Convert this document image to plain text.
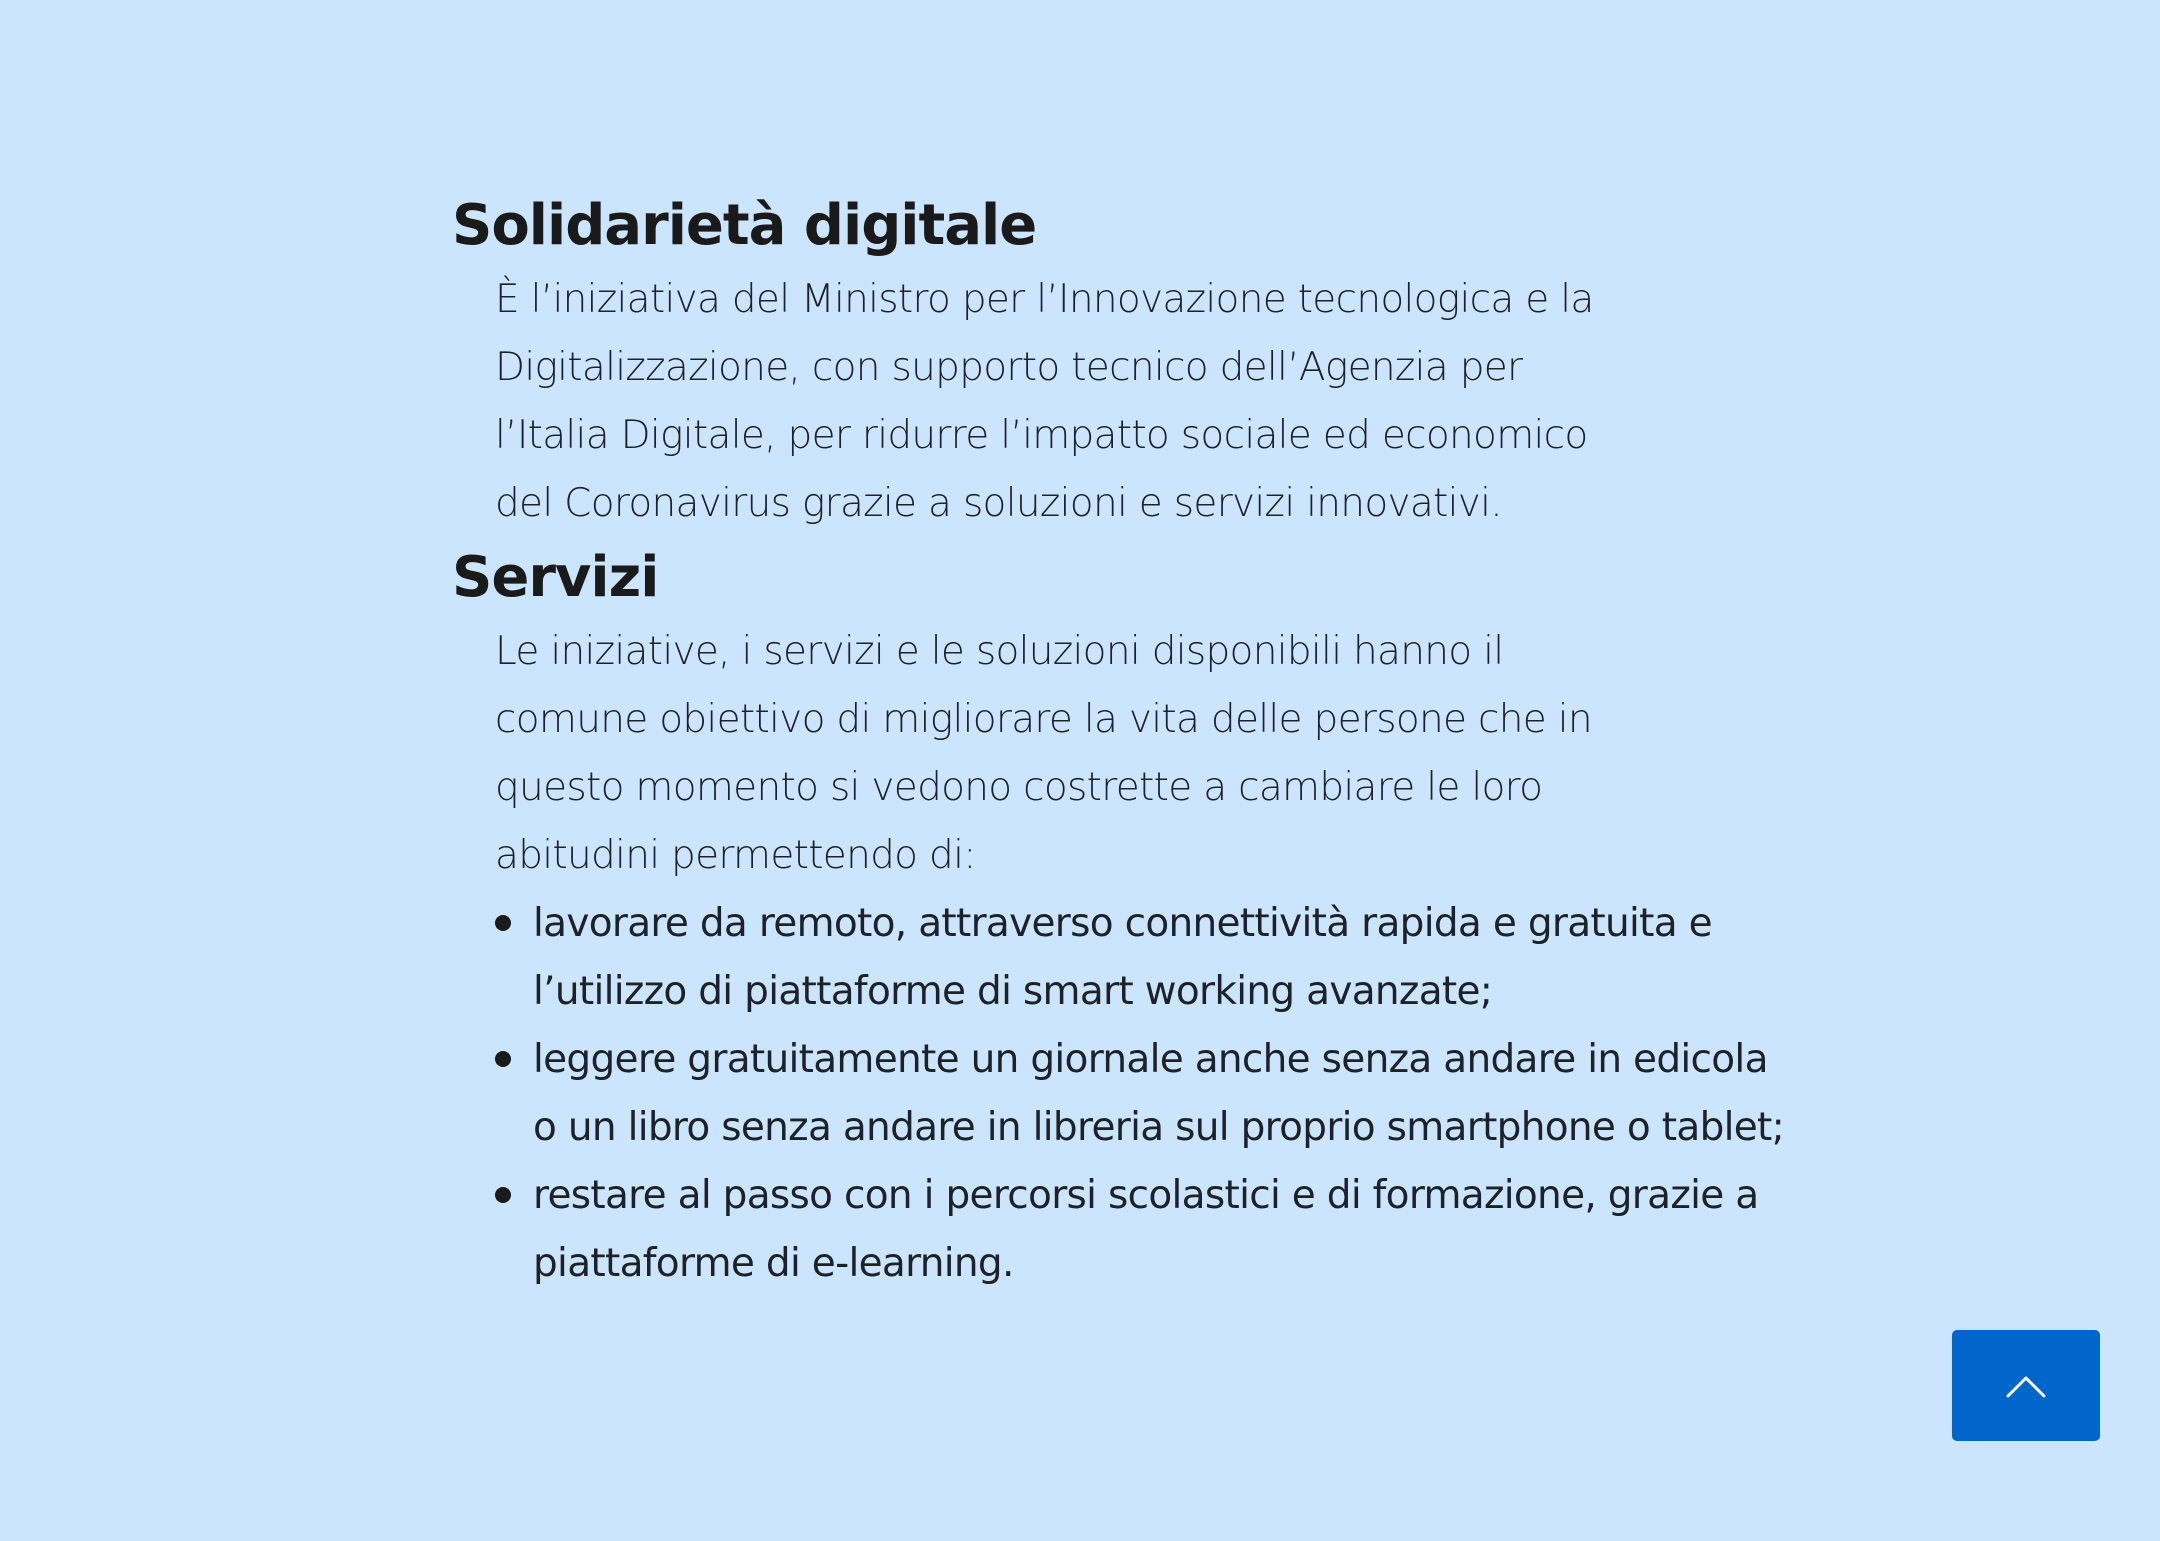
Solidarietà digitale

È l’iniziativa del Ministro per l’Innovazione tecnologica e la Digitalizzazione, con supporto tecnico dell’Agenzia per l’Italia Digitale, per ridurre l’impatto sociale ed economico del Coronavirus grazie a soluzioni e servizi innovativi.

Servizi

Le iniziative, i servizi e le soluzioni disponibili hanno il comune obiettivo di migliorare la vita delle persone che in questo momento si vedono costrette a cambiare le loro abitudini permettendo di:

lavorare da remoto, attraverso connettività rapida e gratuita e l’utilizzo di piattaforme di smart working avanzate;
leggere gratuitamente un giornale anche senza andare in edicola o un libro senza andare in libreria sul proprio smartphone o tablet;
restare al passo con i percorsi scolastici e di formazione, grazie a piattaforme di e-learning.
